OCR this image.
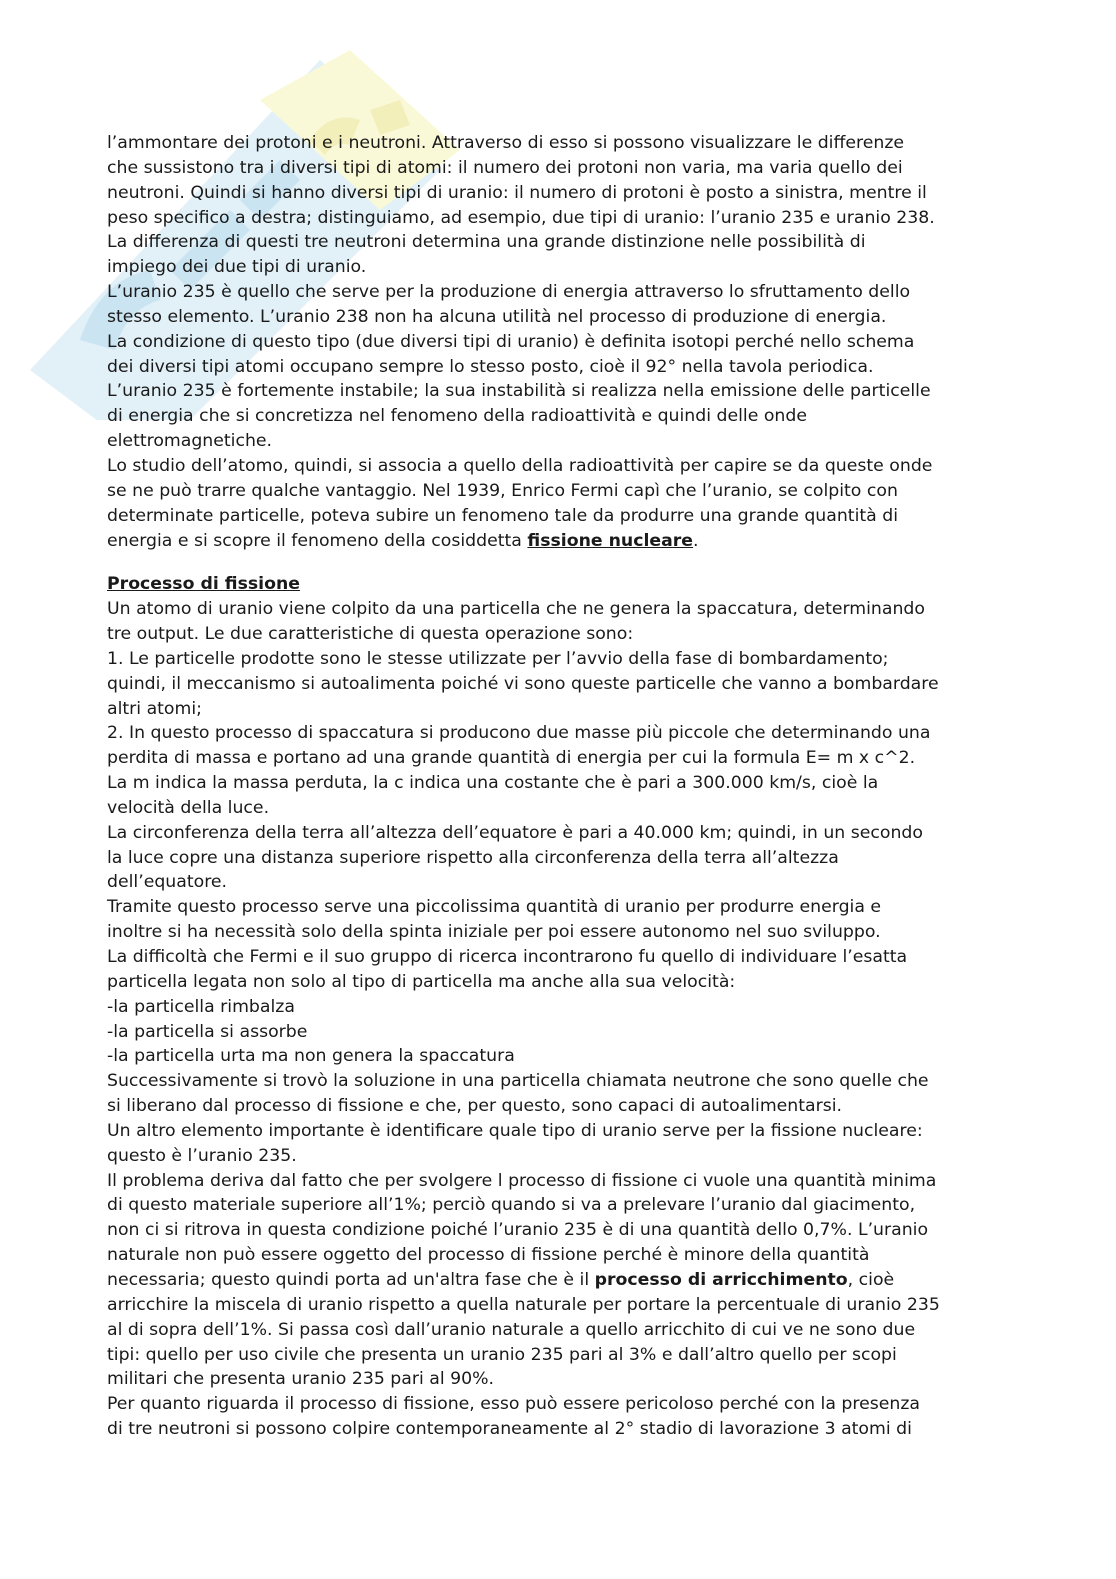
l’ammontare dei protoni e i neutroni. Attraverso di esso si possono visualizzare le differenze
che sussistono tra i diversi tipi di atomi: il numero dei protoni non varia, ma varia quello dei
neutroni. Quindi si hanno diversi tipi di uranio: il numero di protoni è posto a sinistra, mentre il
peso specifico a destra; distinguiamo, ad esempio, due tipi di uranio: l’uranio 235 e uranio 238.
La differenza di questi tre neutroni determina una grande distinzione nelle possibilità di
impiego dei due tipi di uranio.
L’uranio 235 è quello che serve per la produzione di energia attraverso lo sfruttamento dello
stesso elemento. L’uranio 238 non ha alcuna utilità nel processo di produzione di energia.
La condizione di questo tipo (due diversi tipi di uranio) è definita isotopi perché nello schema
dei diversi tipi atomi occupano sempre lo stesso posto, cioè il 92° nella tavola periodica.
L’uranio 235 è fortemente instabile; la sua instabilità si realizza nella emissione delle particelle
di energia che si concretizza nel fenomeno della radioattività e quindi delle onde
elettromagnetiche.
Lo studio dell’atomo, quindi, si associa a quello della radioattività per capire se da queste onde
se ne può trarre qualche vantaggio. Nel 1939, Enrico Fermi capì che l’uranio, se colpito con
determinate particelle, poteva subire un fenomeno tale da produrre una grande quantità di
energia e si scopre il fenomeno della cosiddetta fissione nucleare.
Processo di fissione
Un atomo di uranio viene colpito da una particella che ne genera la spaccatura, determinando
tre output. Le due caratteristiche di questa operazione sono:
1. Le particelle prodotte sono le stesse utilizzate per l’avvio della fase di bombardamento;
quindi, il meccanismo si autoalimenta poiché vi sono queste particelle che vanno a bombardare
altri atomi;
2. In questo processo di spaccatura si producono due masse più piccole che determinando una
perdita di massa e portano ad una grande quantità di energia per cui la formula E= m x c^2.
La m indica la massa perduta, la c indica una costante che è pari a 300.000 km/s, cioè la
velocità della luce.
La circonferenza della terra all’altezza dell’equatore è pari a 40.000 km; quindi, in un secondo
la luce copre una distanza superiore rispetto alla circonferenza della terra all’altezza
dell’equatore.
Tramite questo processo serve una piccolissima quantità di uranio per produrre energia e
inoltre si ha necessità solo della spinta iniziale per poi essere autonomo nel suo sviluppo.
La difficoltà che Fermi e il suo gruppo di ricerca incontrarono fu quello di individuare l’esatta
particella legata non solo al tipo di particella ma anche alla sua velocità:
-la particella rimbalza
-la particella si assorbe
-la particella urta ma non genera la spaccatura
Successivamente si trovò la soluzione in una particella chiamata neutrone che sono quelle che
si liberano dal processo di fissione e che, per questo, sono capaci di autoalimentarsi.
Un altro elemento importante è identificare quale tipo di uranio serve per la fissione nucleare:
questo è l’uranio 235.
Il problema deriva dal fatto che per svolgere l processo di fissione ci vuole una quantità minima
di questo materiale superiore all’1%; perciò quando si va a prelevare l’uranio dal giacimento,
non ci si ritrova in questa condizione poiché l’uranio 235 è di una quantità dello 0,7%. L’uranio
naturale non può essere oggetto del processo di fissione perché è minore della quantità
necessaria; questo quindi porta ad un'altra fase che è il processo di arricchimento, cioè
arricchire la miscela di uranio rispetto a quella naturale per portare la percentuale di uranio 235
al di sopra dell’1%. Si passa così dall’uranio naturale a quello arricchito di cui ve ne sono due
tipi: quello per uso civile che presenta un uranio 235 pari al 3% e dall’altro quello per scopi
militari che presenta uranio 235 pari al 90%.
Per quanto riguarda il processo di fissione, esso può essere pericoloso perché con la presenza
di tre neutroni si possono colpire contemporaneamente al 2° stadio di lavorazione 3 atomi di
